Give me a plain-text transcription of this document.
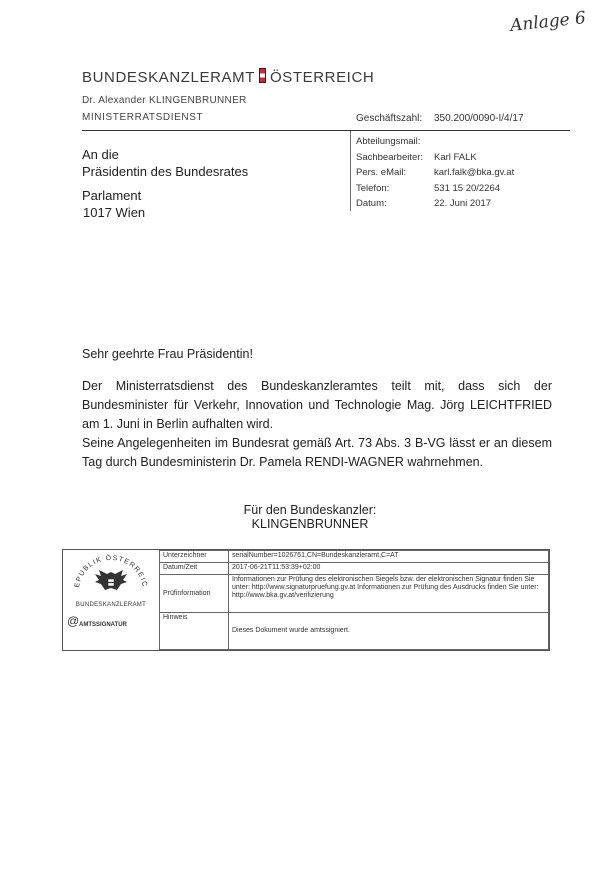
Anlage 6
BUNDESKANZLERAMT ÖSTERREICH
Dr. Alexander KLINGENBRUNNER
MINISTERRATSDIENST	Geschäftszahl: 350.200/0090-I/4/17
Abteilungsmail:
Sachbearbeiter:	Karl FALK
Pers. eMail:	karl.falk@bka.gv.at
Telefon:	531 15 20/2264
Datum:	22. Juni 2017
An die
Präsidentin des Bundesrates
Parlament
1017 Wien
Sehr geehrte Frau Präsidentin!

Der Ministerratsdienst des Bundeskanzleramtes teilt mit, dass sich der Bundesminister für Verkehr, Innovation und Technologie Mag. Jörg LEICHTFRIED am 1. Juni in Berlin aufhalten wird.

Seine Angelegenheiten im Bundesrat gemäß Art. 73 Abs. 3 B-VG lässt er an diesem Tag durch Bundesministerin Dr. Pamela RENDI-WAGNER wahrnehmen.

Für den Bundeskanzler:
KLINGENBRUNNER
EPUBLIK ÖSTERREIC
BUNDESKANZLERAMT
@ AMTSSIGNATUR
Unterzeichner	serialNumber=1026761,CN=Bundeskanzleramt,C=AT
Datum/Zeit	2017-06-21T11:53:39+02:00
Prüfinformation	Informationen zur Prüfung des elektronischen Siegels bzw. der elektronischen Signatur finden Sie unter: http://www.signaturpruefung.gv.at Informationen zur Prüfung des Ausdrucks finden Sie unter: http://www.bka.gv.at/verifizierung
Hinweis	Dieses Dokument wurde amtssigniert.
